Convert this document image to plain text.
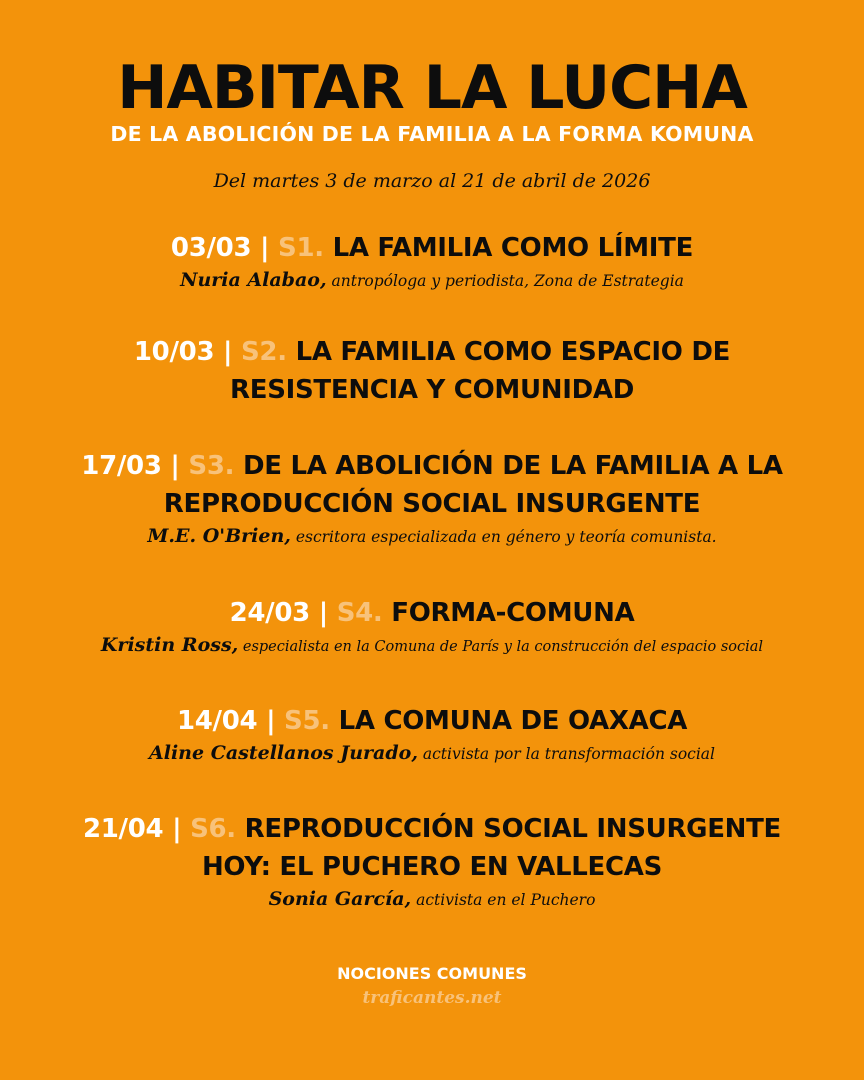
HABITAR LA LUCHA
DE LA ABOLICIÓN DE LA FAMILIA A LA FORMA KOMUNA
Del martes 3 de marzo al 21 de abril de 2026
03/03 | S1. LA FAMILIA COMO LÍMITE
Nuria Alabao, antropóloga y periodista, Zona de Estrategia
10/03 | S2. LA FAMILIA COMO ESPACIO DE
RESISTENCIA Y COMUNIDAD
17/03 | S3. DE LA ABOLICIÓN DE LA FAMILIA A LA
REPRODUCCIÓN SOCIAL INSURGENTE
M.E. O'Brien, escritora especializada en género y teoría comunista.
24/03 | S4. FORMA-COMUNA
Kristin Ross, especialista en la Comuna de París y la construcción del espacio social
14/04 | S5. LA COMUNA DE OAXACA
Aline Castellanos Jurado, activista por la transformación social
21/04 | S6. REPRODUCCIÓN SOCIAL INSURGENTE
HOY: EL PUCHERO EN VALLECAS
Sonia García, activista en el Puchero
NOCIONES COMUNES
traficantes.net
